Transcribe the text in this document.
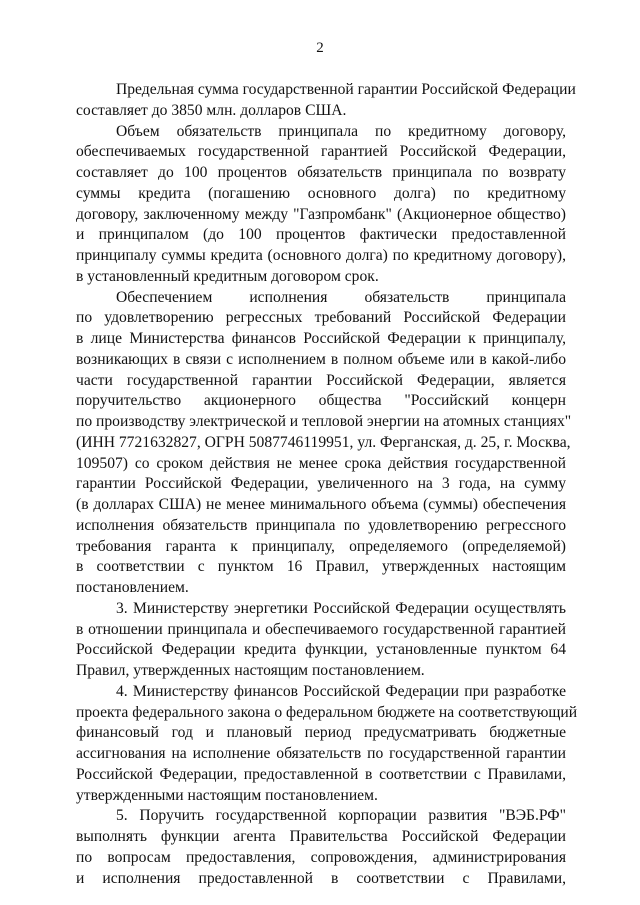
2
Предельная сумма государственной гарантии Российской Федерации
составляет до 3850 млн. долларов США.
Объем обязательств принципала по кредитному договору,
обеспечиваемых государственной гарантией Российской Федерации,
составляет до 100 процентов обязательств принципала по возврату
суммы кредита (погашению основного долга) по кредитному
договору, заключенному между "Газпромбанк" (Акционерное общество)
и принципалом (до 100 процентов фактически предоставленной
принципалу суммы кредита (основного долга) по кредитному договору),
в установленный кредитным договором срок.
Обеспечением исполнения обязательств принципала
по удовлетворению регрессных требований Российской Федерации
в лице Министерства финансов Российской Федерации к принципалу,
возникающих в связи с исполнением в полном объеме или в какой-либо
части государственной гарантии Российской Федерации, является
поручительство акционерного общества "Российский концерн
по производству электрической и тепловой энергии на атомных станциях"
(ИНН 7721632827, ОГРН 5087746119951, ул. Ферганская, д. 25, г. Москва,
109507) со сроком действия не менее срока действия государственной
гарантии Российской Федерации, увеличенного на 3 года, на сумму
(в долларах США) не менее минимального объема (суммы) обеспечения
исполнения обязательств принципала по удовлетворению регрессного
требования гаранта к принципалу, определяемого (определяемой)
в соответствии с пунктом 16 Правил, утвержденных настоящим
постановлением.
3. Министерству энергетики Российской Федерации осуществлять
в отношении принципала и обеспечиваемого государственной гарантией
Российской Федерации кредита функции, установленные пунктом 64
Правил, утвержденных настоящим постановлением.
4. Министерству финансов Российской Федерации при разработке
проекта федерального закона о федеральном бюджете на соответствующий
финансовый год и плановый период предусматривать бюджетные
ассигнования на исполнение обязательств по государственной гарантии
Российской Федерации, предоставленной в соответствии с Правилами,
утвержденными настоящим постановлением.
5. Поручить государственной корпорации развития "ВЭБ.РФ"
выполнять функции агента Правительства Российской Федерации
по вопросам предоставления, сопровождения, администрирования
и исполнения предоставленной в соответствии с Правилами,
